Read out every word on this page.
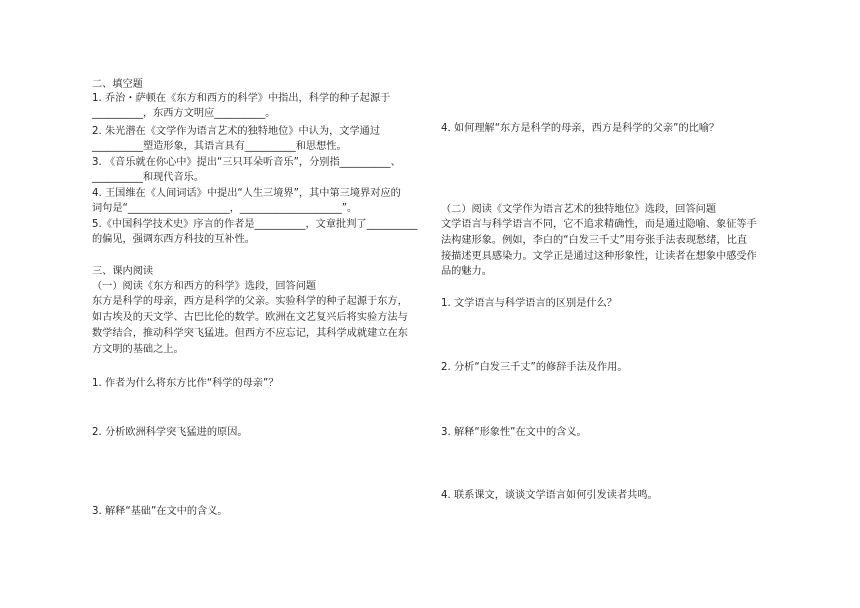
二、填空题
1. 乔治・萨顿在《东方和西方的科学》中指出，科学的种子起源于
__________，东西方文明应__________。
2. 朱光潜在《文学作为语言艺术的独特地位》中认为，文学通过
__________塑造形象，其语言具有__________和思想性。
3. 《音乐就在你心中》提出“三只耳朵听音乐”，分别指__________、
__________和现代音乐。
4. 王国维在《人间词话》中提出“人生三境界”，其中第三境界对应的
词句是“____________________，____________________”。
5.《中国科学技术史》序言的作者是__________，文章批判了__________
的偏见，强调东西方科技的互补性。
三、课内阅读
（一）阅读《东方和西方的科学》选段，回答问题
东方是科学的母亲，西方是科学的父亲。实验科学的种子起源于东方，
如古埃及的天文学、古巴比伦的数学。欧洲在文艺复兴后将实验方法与
数学结合，推动科学突飞猛进。但西方不应忘记，其科学成就建立在东
方文明的基础之上。
1. 作者为什么将东方比作“科学的母亲”？
2. 分析欧洲科学突飞猛进的原因。
3. 解释“基础”在文中的含义。
4. 如何理解“东方是科学的母亲，西方是科学的父亲”的比喻？
（二）阅读《文学作为语言艺术的独特地位》选段，回答问题
文学语言与科学语言不同，它不追求精确性，而是通过隐喻、象征等手
法构建形象。例如，李白的“白发三千丈”用夸张手法表现愁绪，比直
接描述更具感染力。文学正是通过这种形象性，让读者在想象中感受作
品的魅力。
1. 文学语言与科学语言的区别是什么？
2. 分析“白发三千丈”的修辞手法及作用。
3. 解释“形象性”在文中的含义。
4. 联系课文，谈谈文学语言如何引发读者共鸣。
